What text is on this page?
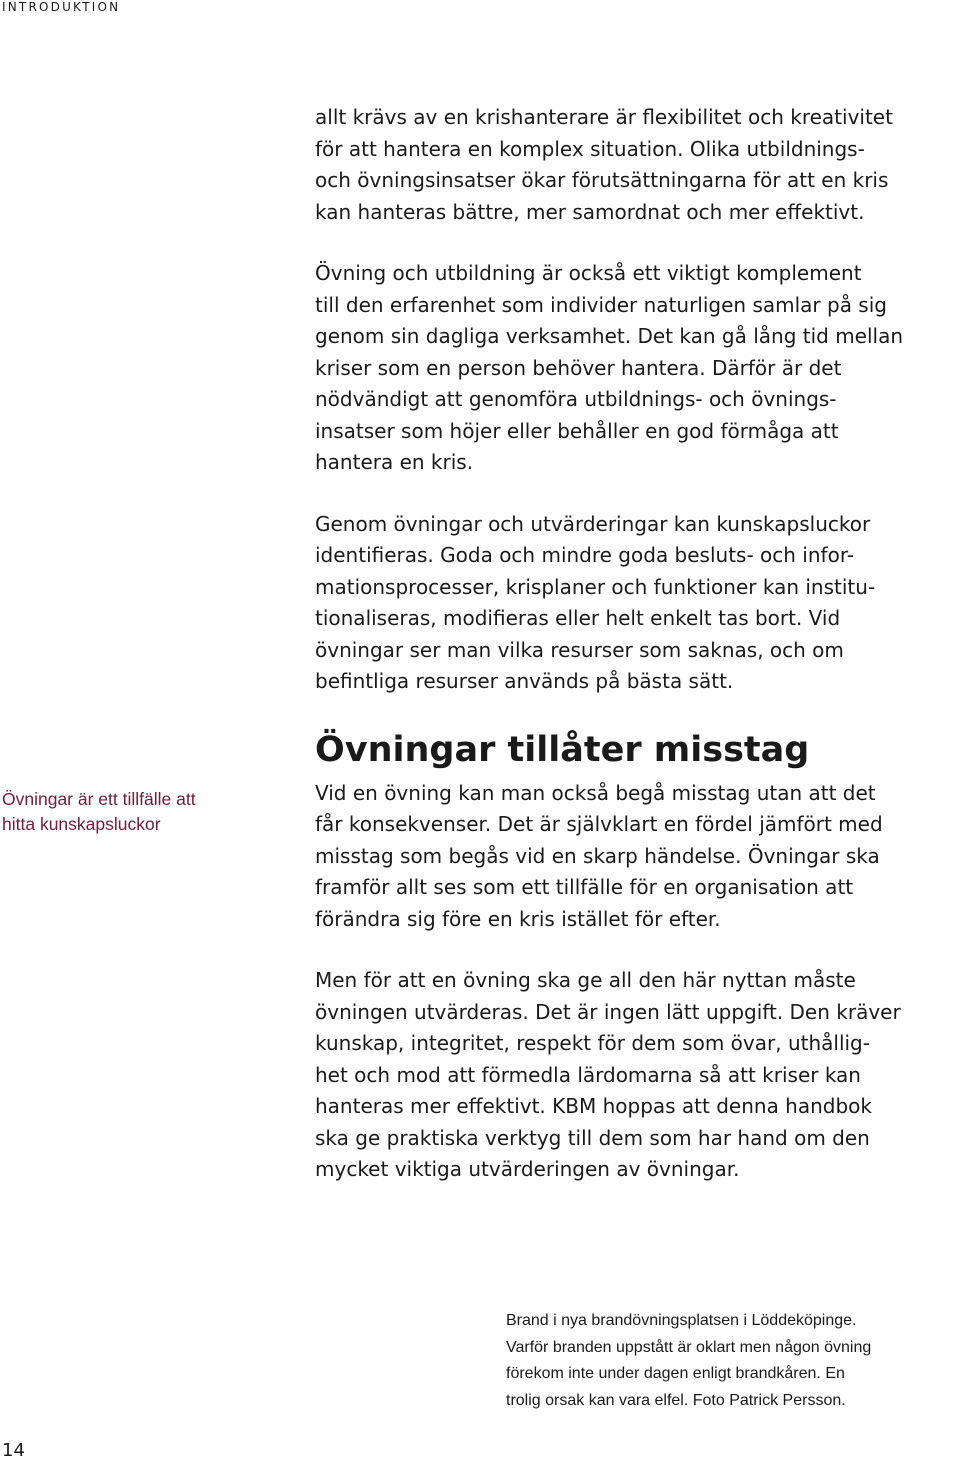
INTRODUKTION

allt krävs av en krishanterare är flexibilitet och kreativitet
för att hantera en komplex situation. Olika utbildnings-
och övningsinsatser ökar förutsättningarna för att en kris
kan hanteras bättre, mer samordnat och mer effektivt.

Övning och utbildning är också ett viktigt komplement
till den erfarenhet som individer naturligen samlar på sig
genom sin dagliga verksamhet. Det kan gå lång tid mellan
kriser som en person behöver hantera. Därför är det
nödvändigt att genomföra utbildnings- och övnings-
insatser som höjer eller behåller en god förmåga att
hantera en kris.

Genom övningar och utvärderingar kan kunskapsluckor
identifieras. Goda och mindre goda besluts- och infor-
mationsprocesser, krisplaner och funktioner kan institu-
tionaliseras, modifieras eller helt enkelt tas bort. Vid
övningar ser man vilka resurser som saknas, och om
befintliga resurser används på bästa sätt.

Övningar tillåter misstag

Vid en övning kan man också begå misstag utan att det
får konsekvenser. Det är självklart en fördel jämfört med
misstag som begås vid en skarp händelse. Övningar ska
framför allt ses som ett tillfälle för en organisation att
förändra sig före en kris istället för efter.

Men för att en övning ska ge all den här nyttan måste
övningen utvärderas. Det är ingen lätt uppgift. Den kräver
kunskap, integritet, respekt för dem som övar, uthållig-
het och mod att förmedla lärdomarna så att kriser kan
hanteras mer effektivt. KBM hoppas att denna handbok
ska ge praktiska verktyg till dem som har hand om den
mycket viktiga utvärderingen av övningar.

Övningar är ett tillfälle att
hitta kunskapsluckor
Brand i nya brandövningsplatsen i Löddeköpinge.
Varför branden uppstått är oklart men någon övning
förekom inte under dagen enligt brandkåren. En
trolig orsak kan vara elfel. Foto Patrick Persson.
14
